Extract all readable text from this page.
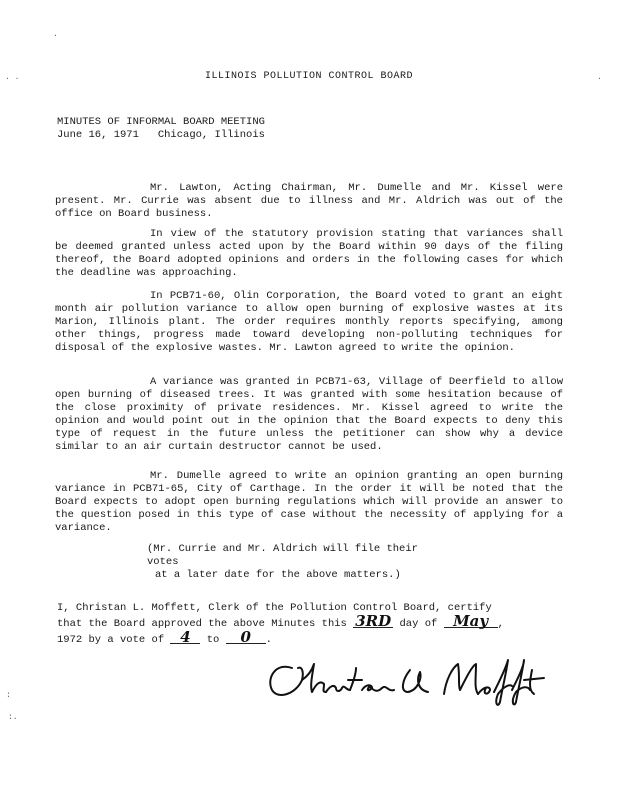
.
. .	.
:
:.
ILLINOIS POLLUTION CONTROL BOARD
MINUTES OF INFORMAL BOARD MEETING
June 16, 1971   Chicago, Illinois

Mr. Lawton, Acting Chairman, Mr. Dumelle and Mr. Kissel were present. Mr. Currie was absent due to illness and Mr. Aldrich was out of the office on Board business.

In view of the statutory provision stating that variances shall be deemed granted unless acted upon by the Board within 90 days of the filing thereof, the Board adopted opinions and orders in the following cases for which the deadline was approaching.

In PCB71-60, Olin Corporation, the Board voted to grant an eight month air pollution variance to allow open burning of explosive wastes at its Marion, Illinois plant. The order requires monthly reports specifying, among other things, progress made toward developing non-polluting techniques for disposal of the explosive wastes. Mr. Lawton agreed to write the opinion.

A variance was granted in PCB71-63, Village of Deerfield to allow open burning of diseased trees. It was granted with some hesitation because of the close proximity of private residences. Mr. Kissel agreed to write the opinion and would point out in the opinion that the Board expects to deny this type of request in the future unless the petitioner can show why a device similar to an air curtain destructor cannot be used.

Mr. Dumelle agreed to write an opinion granting an open burning variance in PCB71-65, City of Carthage. In the order it will be noted that the Board expects to adopt open burning regulations which will provide an answer to the question posed in this type of case without the necessity of applying for a variance.

(Mr. Currie and Mr. Aldrich will file their votes
at a later date for the above matters.)
I, Christan L. Moffett, Clerk of the Pollution Control Board, certify
that the Board approved the above Minutes this 3RD day of May ,
1972 by a vote of 4 to 0 .
Christan L. Moffett
